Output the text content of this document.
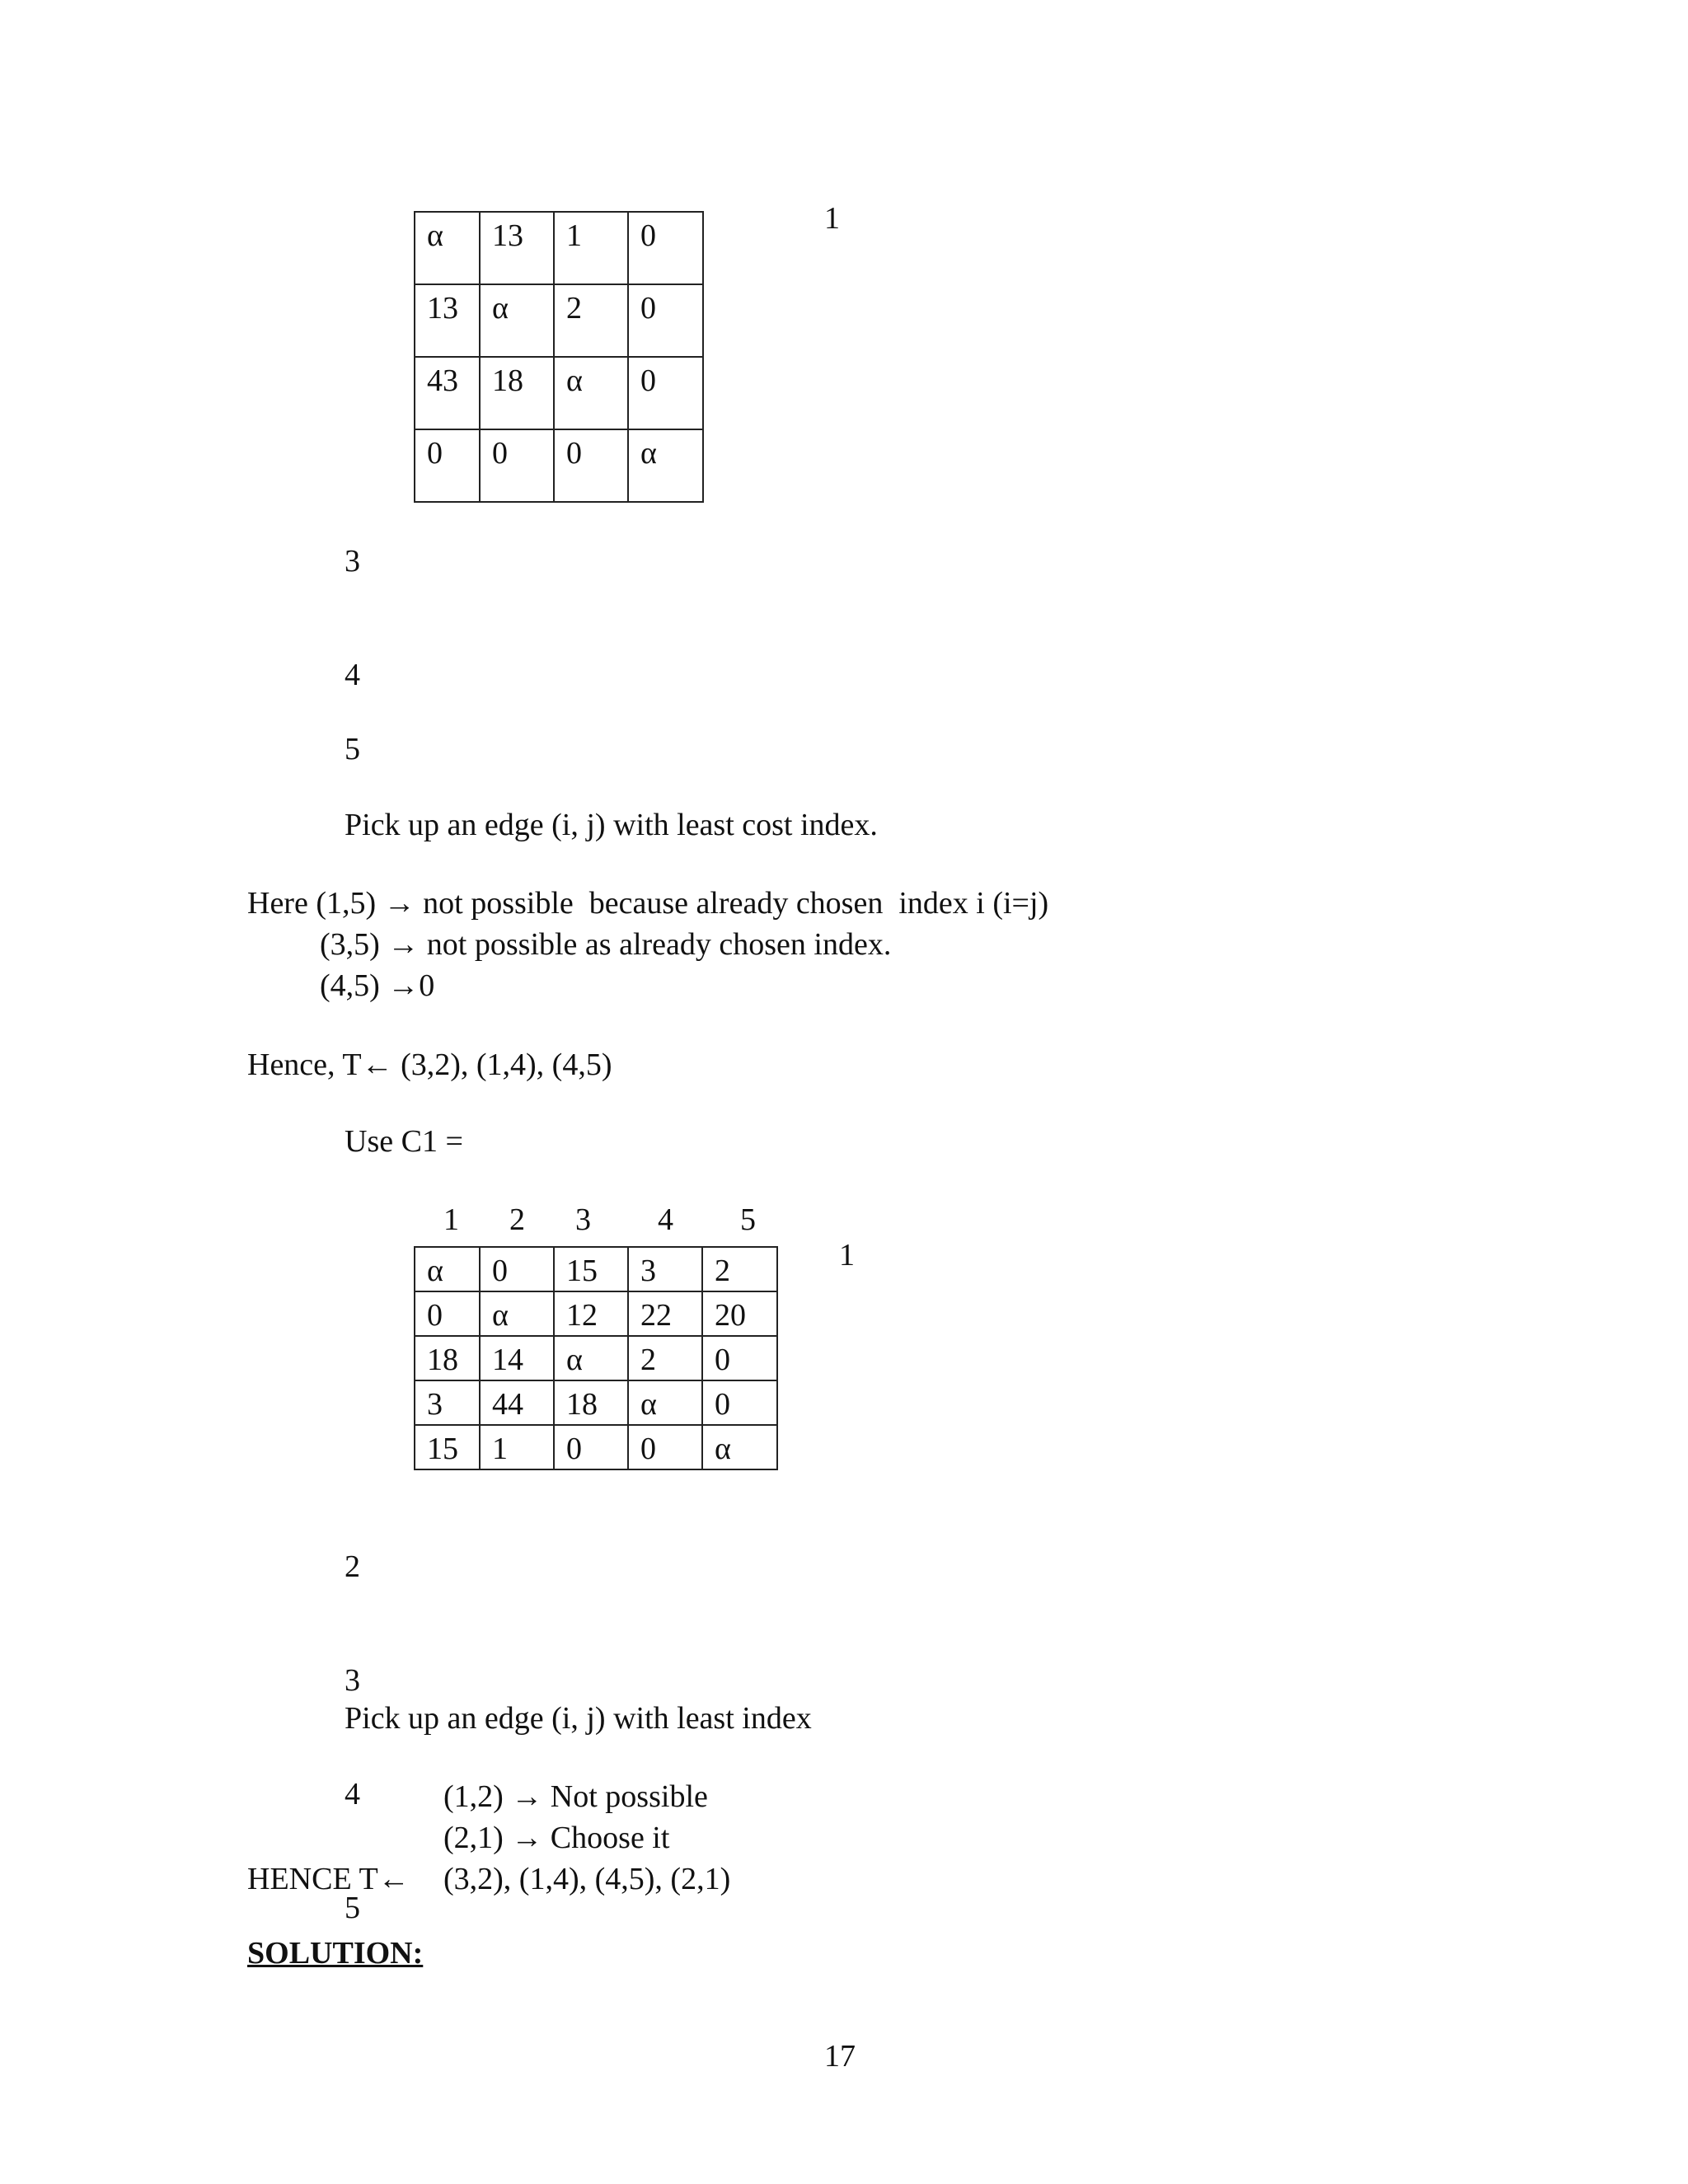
α	13	1	0
13	α	2	0
43	18	α	0
0	0	0	α
1
3
4
5
Pick up an edge (i, j) with least cost index.
Here (1,5) → not possible  because already chosen  index i (i=j)
(3,5) → not possible as already chosen index.
(4,5) →0
Hence, T← (3,2), (1,4), (4,5)
Use C1 =
1 2 3 4 5
α	0	15	3	2
0	α	12	22	20
18	14	α	2	0
3	44	18	α	0
15	1	0	0	α
1

2

3

4

5

Pick up an edge (i, j) with least index
(1,2) → Not possible
(2,1) → Choose it
HENCE T← (3,2), (1,4), (4,5), (2,1)
SOLUTION:
17
